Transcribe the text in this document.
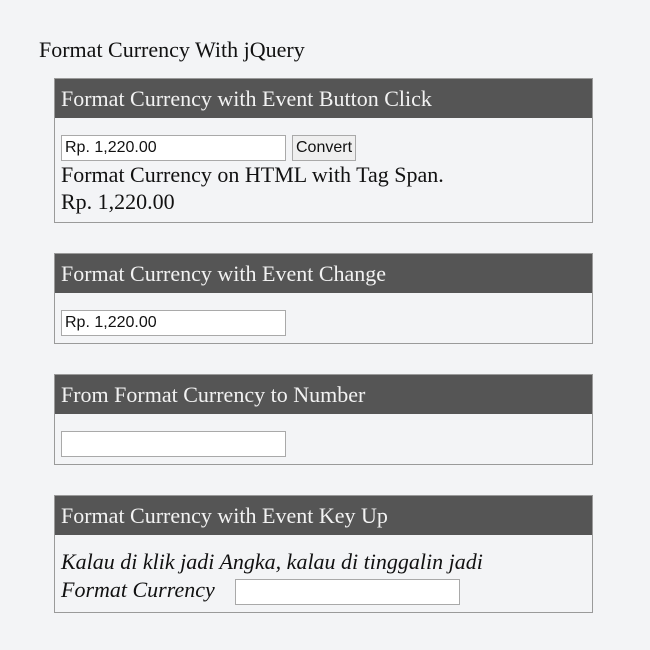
Format Currency With jQuery
Format Currency with Event Button Click
Rp. 1,220.00
Convert
Format Currency on HTML with Tag Span.
Rp. 1,220.00
Format Currency with Event Change
Rp. 1,220.00
From Format Currency to Number
Format Currency with Event Key Up
Kalau di klik jadi Angka, kalau di tinggalin jadi
Format Currency
